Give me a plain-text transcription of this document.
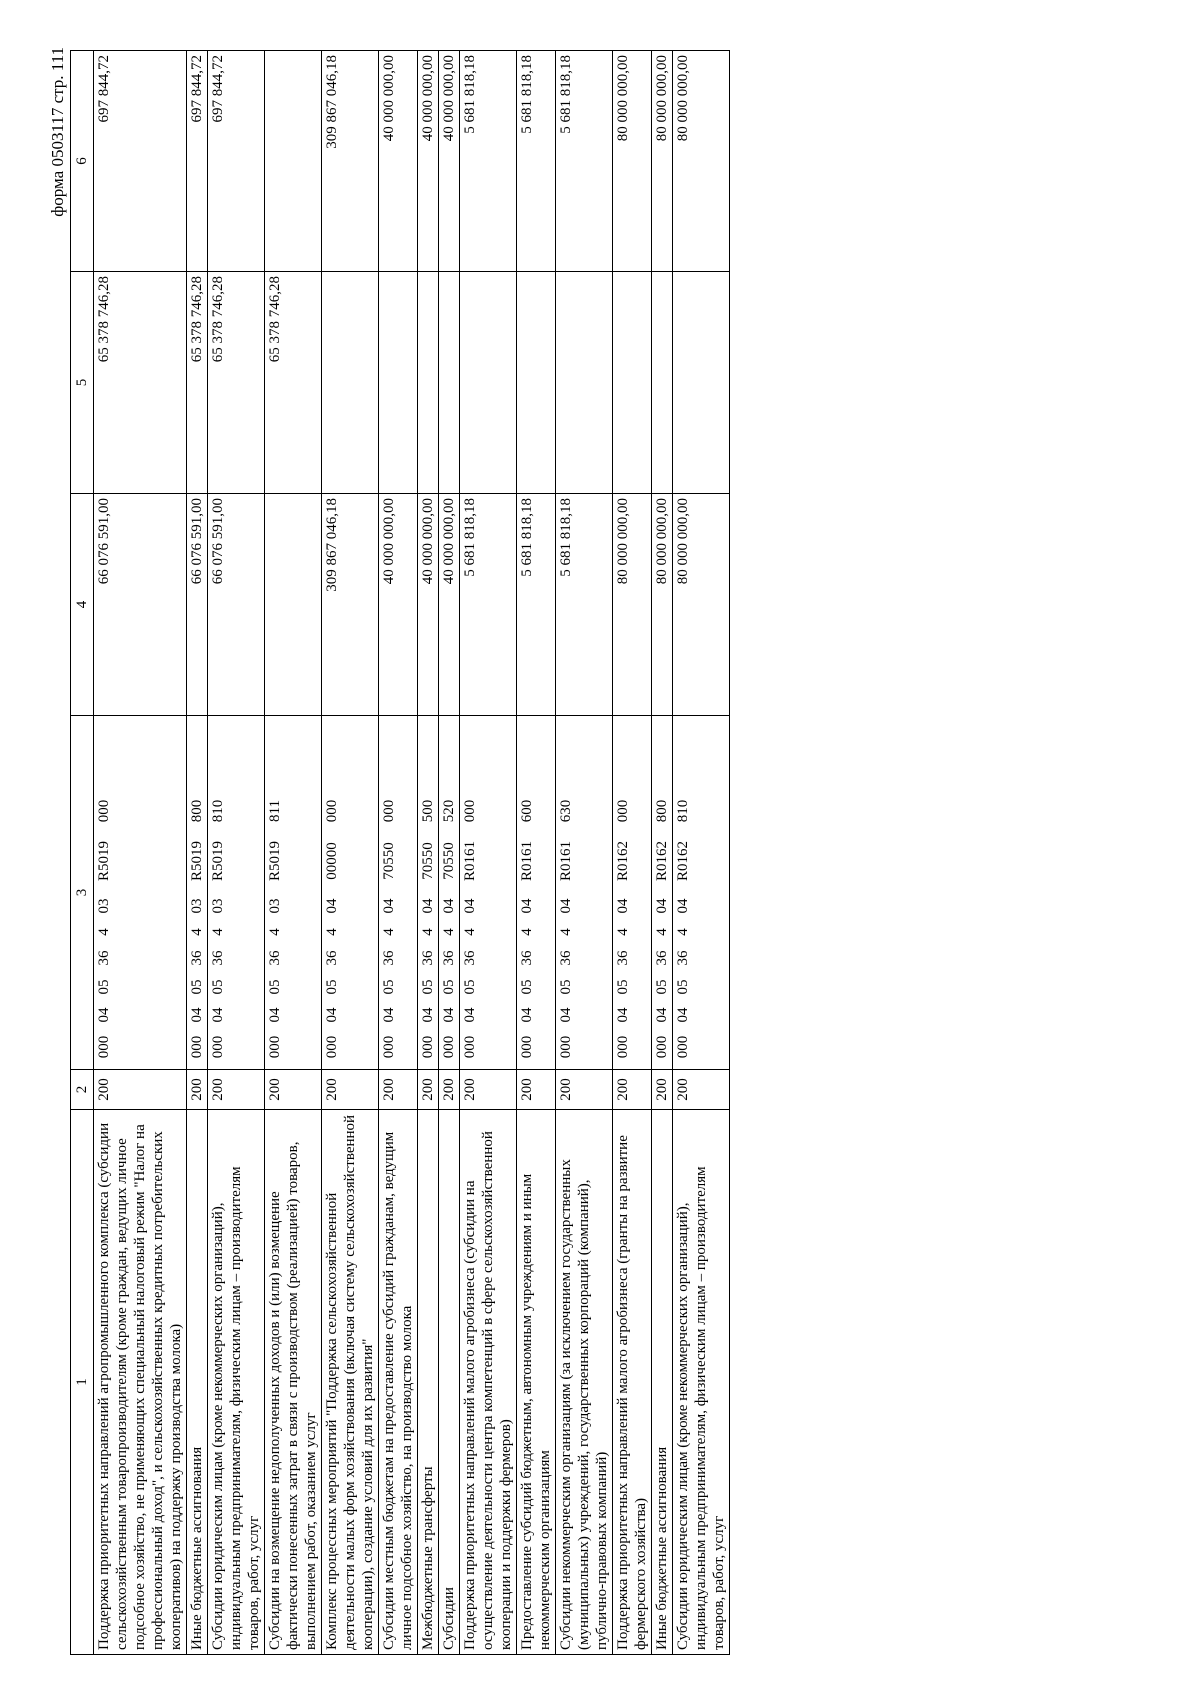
форма 0503117 стр. 111
1	2	3	4	5	6
Поддержка приоритетных направлений агропромышленного комплекса (субсидии сельскохозяйственным товаропроизводителям (кроме граждан, ведущих личное подсобное хозяйство, не применяющих специальный налоговый режим "Налог на профессиональный доход", и сельскохозяйственных кредитных потребительских кооперативов) на поддержку производства молока)	200	000040536403R5019000	66 076 591,00	65 378 746,28	697 844,72
Иные бюджетные ассигнования	200	000040536403R5019800	66 076 591,00	65 378 746,28	697 844,72
Субсидии юридическим лицам (кроме некоммерческих организаций), индивидуальным предпринимателям, физическим лицам – производителям товаров, работ, услуг	200	000040536403R5019810	66 076 591,00	65 378 746,28	697 844,72
Субсидии на возмещение недополученных доходов и (или) возмещение фактически понесенных затрат в связи с производством (реализацией) товаров, выполнением работ, оказанием услуг	200	000040536403R5019811		65 378 746,28	
Комплекс процессных мероприятий "Поддержка сельскохозяйственной деятельности малых форм хозяйствования (включая систему сельскохозяйственной кооперации), создание условий для их развития"	200	00004053640400000000	309 867 046,18		309 867 046,18
Субсидии местным бюджетам на предоставление субсидий гражданам, ведущим личное подсобное хозяйство, на производство молока	200	00004053640470550000	40 000 000,00		40 000 000,00
Межбюджетные трансферты	200	00004053640470550500	40 000 000,00		40 000 000,00
Субсидии	200	00004053640470550520	40 000 000,00		40 000 000,00
Поддержка приоритетных направлений малого агробизнеса (субсидии на осуществление деятельности центра компетенций в сфере сельскохозяйственной кооперации и поддержки фермеров)	200	000040536404R0161000	5 681 818,18		5 681 818,18
Предоставление субсидий бюджетным, автономным учреждениям и иным некоммерческим организациям	200	000040536404R0161600	5 681 818,18		5 681 818,18
Субсидии некоммерческим организациям (за исключением государственных (муниципальных) учреждений, государственных корпораций (компаний), публично-правовых компаний)	200	000040536404R0161630	5 681 818,18		5 681 818,18
Поддержка приоритетных направлений малого агробизнеса (гранты на развитие фермерского хозяйства)	200	000040536404R0162000	80 000 000,00		80 000 000,00
Иные бюджетные ассигнования	200	000040536404R0162800	80 000 000,00		80 000 000,00
Субсидии юридическим лицам (кроме некоммерческих организаций), индивидуальным предпринимателям, физическим лицам – производителям товаров, работ, услуг	200	000040536404R0162810	80 000 000,00		80 000 000,00
